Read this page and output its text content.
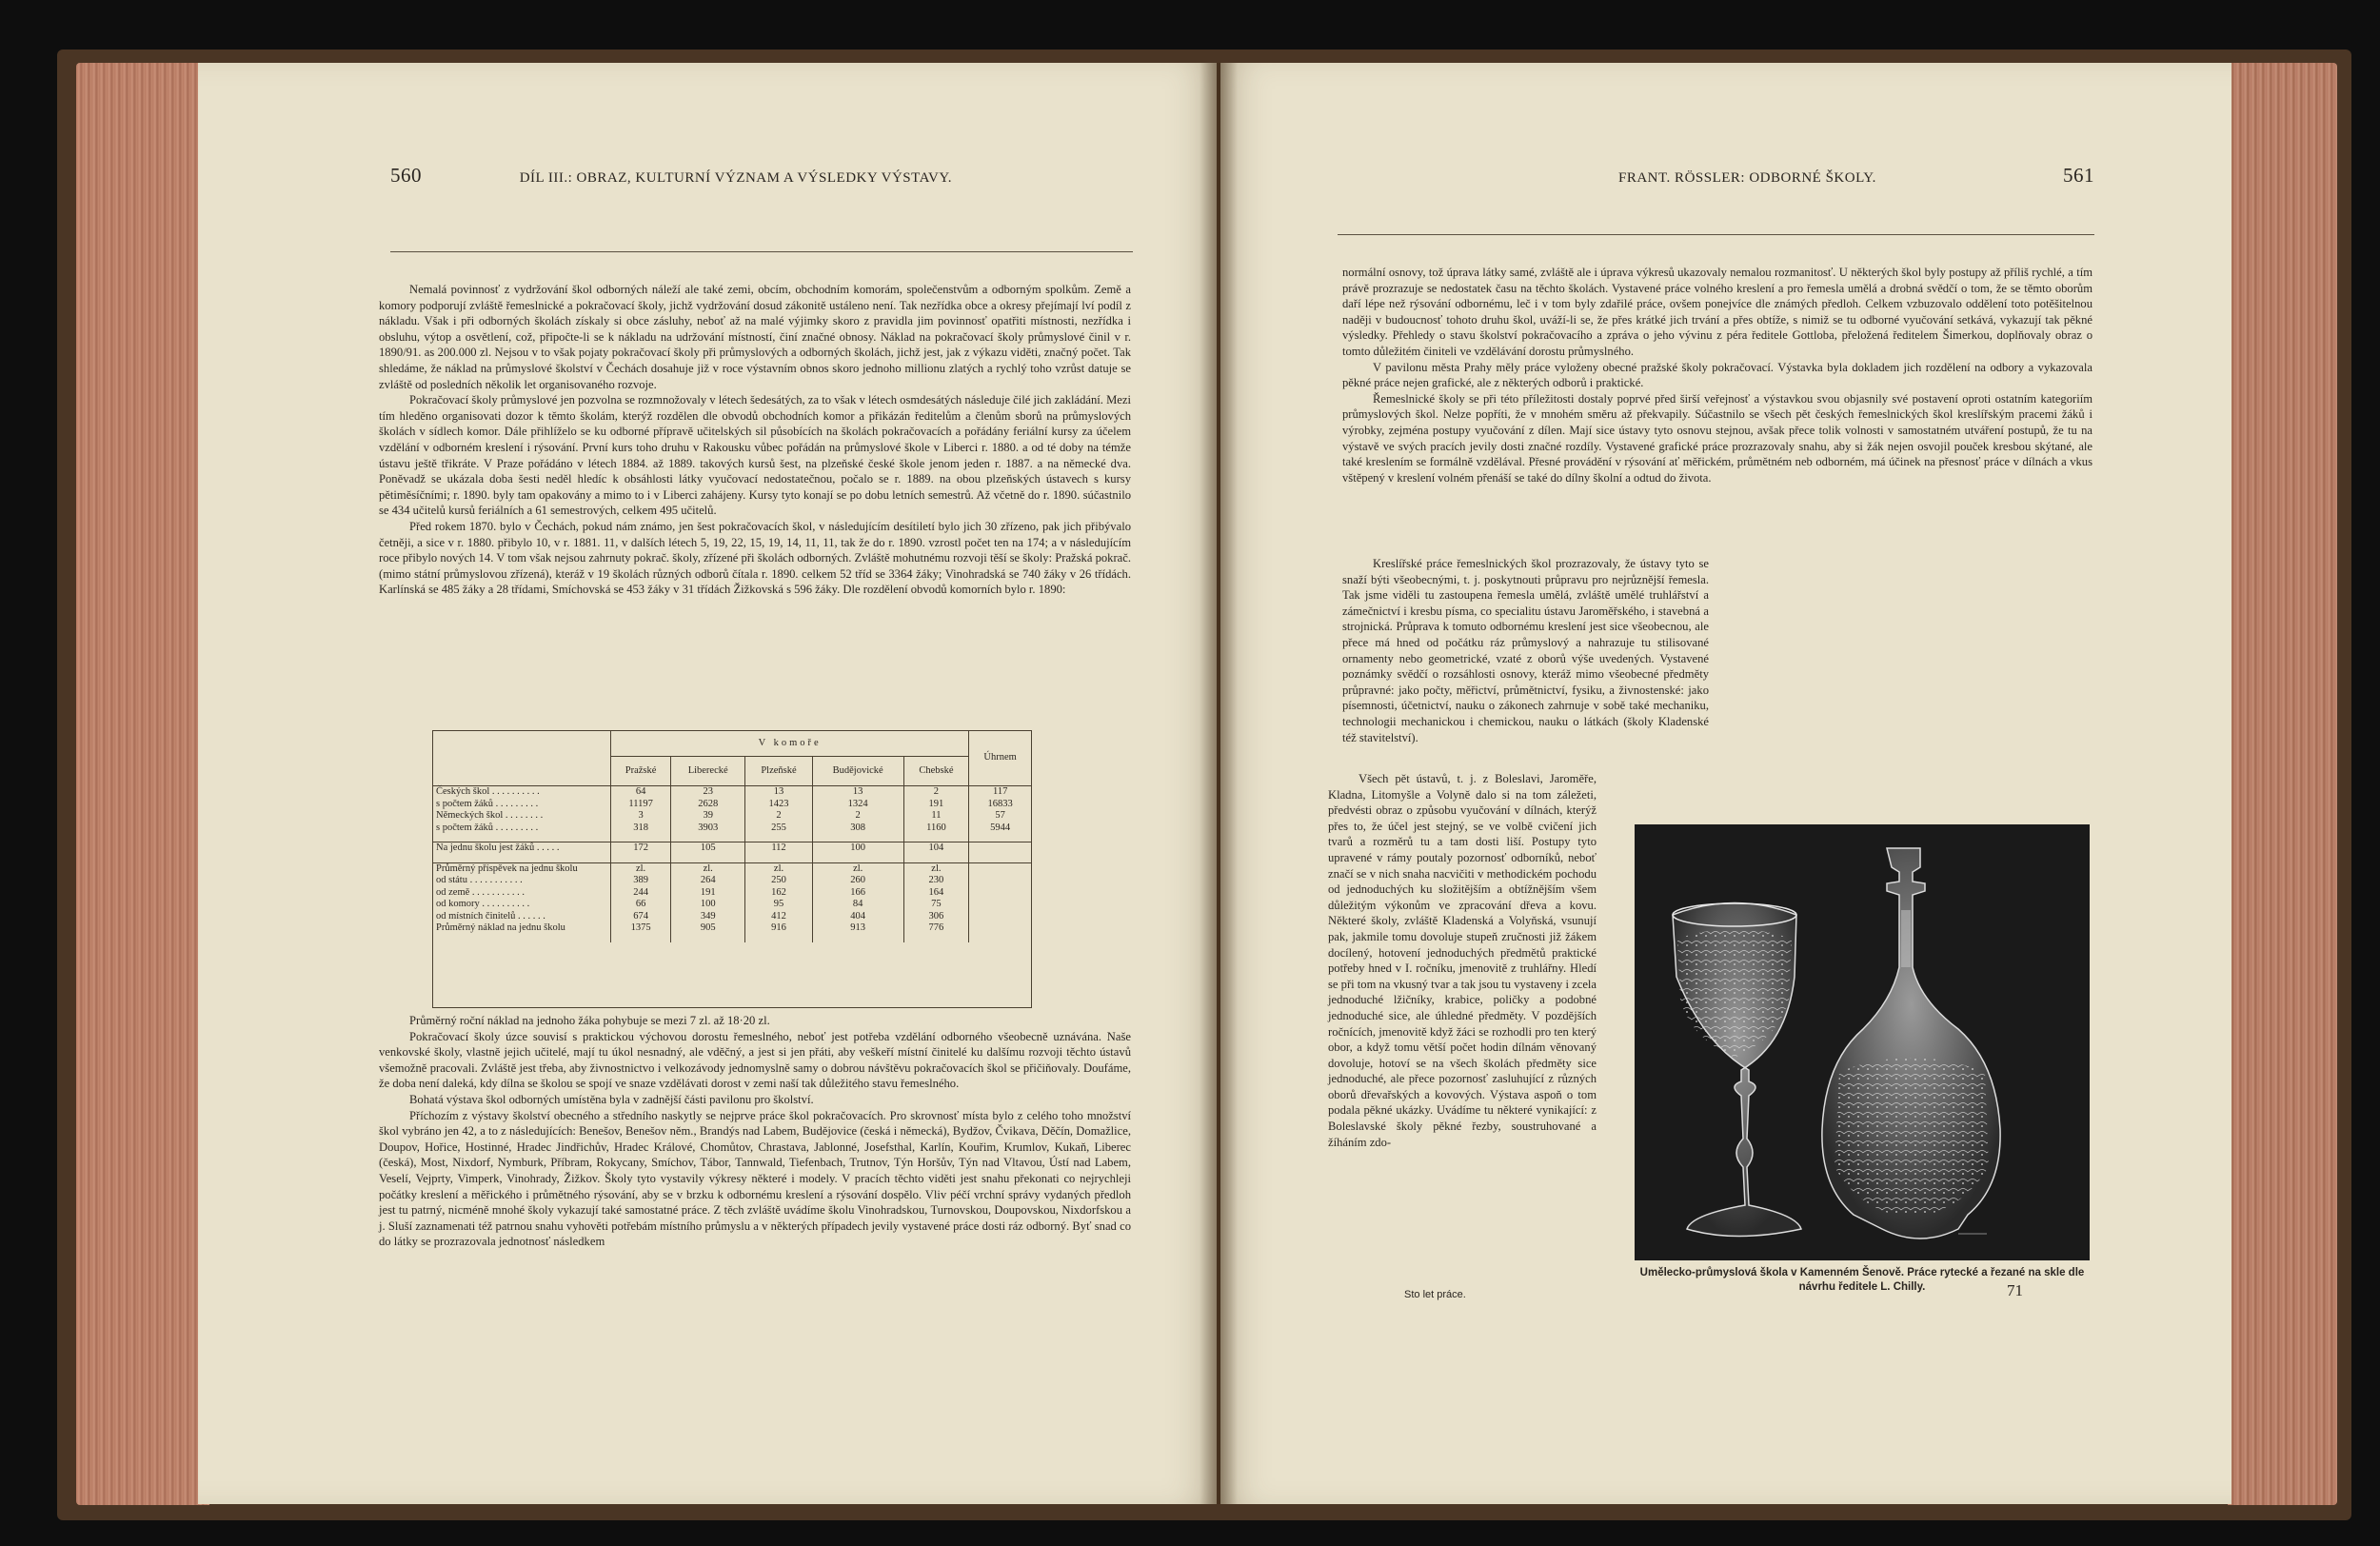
560	DÍL III.: OBRAZ, KULTURNÍ VÝZNAM A VÝSLEDKY VÝSTAVY.

Nemalá povinnosť z vydržování škol odborných náleží ale také zemi, obcím, obchodním komorám, společenstvům a odborným spolkům. Země a komory podporují zvláště řemeslnické a pokračovací školy, jichž vydržování dosud zákonitě ustáleno není. Tak nezřídka obce a okresy přejímají lví podíl z nákladu. Však i při odborných školách získaly si obce zásluhy, neboť až na malé výjimky skoro z pravidla jim povinnosť opatřiti místnosti, nezřídka i obsluhu, výtop a osvětlení, což, připočte-li se k nákladu na udržování místností, činí značné obnosy. Náklad na pokračovací školy průmyslové činil v r. 1890/91. as 200.000 zl. Nejsou v to však pojaty pokračovací školy při průmyslových a odborných školách, jichž jest, jak z výkazu viděti, značný počet. Tak shledáme, že náklad na průmyslové školství v Čechách dosahuje již v roce výstavním obnos skoro jednoho millionu zlatých a rychlý toho vzrůst datuje se zvláště od posledních několik let organisovaného rozvoje.

Pokračovací školy průmyslové jen pozvolna se rozmnožovaly v létech šedesátých, za to však v létech osmdesátých následuje čilé jich zakládání. Mezi tím hleděno organisovati dozor k těmto školám, kterýž rozdělen dle obvodů obchodních komor a přikázán ředitelům a členům sborů na průmyslových školách v sídlech komor. Dále přihlíželo se ku odborné přípravě učitelských sil působících na školách pokračovacích a pořádány feriální kursy za účelem vzdělání v odborném kreslení i rýsování. První kurs toho druhu v Rakousku vůbec pořádán na průmyslové škole v Liberci r. 1880. a od té doby na témže ústavu ještě třikráte. V Praze pořádáno v létech 1884. až 1889. takových kursů šest, na plzeňské české škole jenom jeden r. 1887. a na německé dva. Poněvadž se ukázala doba šesti neděl hledíc k obsáhlosti látky vyučovací nedostatečnou, počalo se r. 1889. na obou plzeňských ústavech s kursy pětiměsíčními; r. 1890. byly tam opakovány a mimo to i v Liberci zahájeny. Kursy tyto konají se po dobu letních semestrů. Až včetně do r. 1890. súčastnilo se 434 učitelů kursů feriálních a 61 semestrových, celkem 495 učitelů.

Před rokem 1870. bylo v Čechách, pokud nám známo, jen šest pokračovacích škol, v následujícím desítiletí bylo jich 30 zřízeno, pak jich přibývalo četněji, a sice v r. 1880. přibylo 10, v r. 1881. 11, v dalších létech 5, 19, 22, 15, 19, 14, 11, 11, tak že do r. 1890. vzrostl počet ten na 174; a v následujícím roce přibylo nových 14. V tom však nejsou zahrnuty pokrač. školy, zřízené při školách odborných. Zvláště mohutnému rozvoji těší se školy: Pražská pokrač. (mimo státní průmyslovou zřízená), kteráž v 19 školách různých odborů čítala r. 1890. celkem 52 tříd se 3364 žáky; Vinohradská se 740 žáky v 26 třídách. Karlínská se 485 žáky a 28 třídami, Smíchovská se 453 žáky v 31 třídách Žižkovská s 596 žáky. Dle rozdělení obvodů komorních bylo r. 1890:

	V komoře					Úhrnem
	Pražské	Liberecké	Plzeňské	Budějovické	Chebské	
Českých škol . . . . . . . . . .	64	23	13	13	2	117
s počtem žáků . . . . . . . . .	11197	2628	1423	1324	191	16833
Německých škol . . . . . . . .	3	39	2	2	11	57
s počtem žáků . . . . . . . . .	318	3903	255	308	1160	5944

Na jednu školu jest žáků . . . . .	172	105	112	100	104	

Průměrný příspěvek na jednu školu	zl.	zl.	zl.	zl.	zl.	
od státu . . . . . . . . . . .	389	264	250	260	230	
od země . . . . . . . . . . .	244	191	162	166	164	
od komory . . . . . . . . . .	66	100	95	84	75	
od místních činitelů . . . . . .	674	349	412	404	306	
Průměrný náklad na jednu školu	1375	905	916	913	776	

Průměrný roční náklad na jednoho žáka pohybuje se mezi 7 zl. až 18·20 zl.

Pokračovací školy úzce souvisí s praktickou výchovou dorostu řemeslného, neboť jest potřeba vzdělání odborného všeobecně uznávána. Naše venkovské školy, vlastně jejich učitelé, mají tu úkol nesnadný, ale vděčný, a jest si jen přáti, aby veškeří místní činitelé ku dalšímu rozvoji těchto ústavů všemožně pracovali. Zvláště jest třeba, aby živnostnictvo i velkozávody jednomyslně samy o dobrou návštěvu pokračovacích škol se přičiňovaly. Doufáme, že doba není daleká, kdy dílna se školou se spojí ve snaze vzdělávati dorost v zemi naší tak důležitého stavu řemeslného.

Bohatá výstava škol odborných umístěna byla v zadnější části pavilonu pro školství.

Příchozím z výstavy školství obecného a středního naskytly se nejprve práce škol pokračovacích. Pro skrovnosť místa bylo z celého toho množství škol vybráno jen 42, a to z následujících: Benešov, Benešov něm., Brandýs nad Labem, Budějovice (česká i německá), Bydžov, Čvikava, Děčín, Domažlice, Doupov, Hořice, Hostinné, Hradec Jindřichův, Hradec Králové, Chomůtov, Chrastava, Jablonné, Josefsthal, Karlín, Kouřim, Krumlov, Kukaň, Liberec (česká), Most, Nixdorf, Nymburk, Příbram, Rokycany, Smíchov, Tábor, Tannwald, Tiefenbach, Trutnov, Týn Horšův, Týn nad Vltavou, Ústí nad Labem, Veselí, Vejprty, Vimperk, Vinohrady, Žižkov. Školy tyto vystavily výkresy některé i modely. V pracích těchto viděti jest snahu překonati co nejrychleji počátky kreslení a měřického i průmětného rýsování, aby se v brzku k odbornému kreslení a rýsování dospělo. Vliv péčí vrchní správy vydaných předloh jest tu patrný, nicméně mnohé školy vykazují také samostatné práce. Z těch zvláště uvádíme školu Vinohradskou, Turnovskou, Doupovskou, Nixdorfskou a j. Sluší zaznamenati též patrnou snahu vyhověti potřebám místního průmyslu a v některých případech jevily vystavené práce dosti ráz odborný. Byť snad co do látky se prozrazovala jednotnosť následkem

FRANT. RÖSSLER: ODBORNÉ ŠKOLY.	561

normální osnovy, tož úprava látky samé, zvláště ale i úprava výkresů ukazovaly nemalou rozmanitosť. U některých škol byly postupy až příliš rychlé, a tím právě prozrazuje se nedostatek času na těchto školách. Vystavené práce volného kreslení a pro řemesla umělá a drobná svědčí o tom, že se těmto oborům daří lépe než rýsování odbornému, leč i v tom byly zdařilé práce, ovšem ponejvíce dle známých předloh. Celkem vzbuzovalo oddělení toto potěšitelnou naději v budoucnosť tohoto druhu škol, uváží-li se, že přes krátké jich trvání a přes obtíže, s nimiž se tu odborné vyučování setkává, vykazují tak pěkné výsledky. Přehledy o stavu školství pokračovacího a zpráva o jeho vývinu z péra ředitele Gottloba, přeložená ředitelem Šimerkou, doplňovaly obraz o tomto důležitém činiteli ve vzdělávání dorostu průmyslného.

V pavilonu města Prahy měly práce vyloženy obecné pražské školy pokračovací. Výstavka byla dokladem jich rozdělení na odbory a vykazovala pěkné práce nejen grafické, ale z některých odborů i praktické.

Řemeslnické školy se při této příležitosti dostaly poprvé před širší veřejnosť a výstavkou svou objasnily své postavení oproti ostatním kategoriím průmyslových škol. Nelze popříti, že v mnohém směru až překvapily. Súčastnilo se všech pět českých řemeslnických škol kreslířským pracemi žáků i výrobky, zejména postupy vyučování z dílen. Mají sice ústavy tyto osnovu stejnou, avšak přece tolik volnosti v samostatném utváření postupů, že tu na výstavě ve svých pracích jevily dosti značné rozdíly. Vystavené grafické práce prozrazovaly snahu, aby si žák nejen osvojil pouček kresbou skýtané, ale také kreslením se formálně vzdělával. Přesné provádění v rýsování ať měřickém, průmětném neb odborném, má účinek na přesnosť práce v dílnách a vkus vštěpený v kreslení volném přenáší se také do dílny školní a odtud do života.

Kreslířské práce řemeslnických škol prozrazovaly, že ústavy tyto se snaží býti všeobecnými, t. j. poskytnouti průpravu pro nejrůznější řemesla. Tak jsme viděli tu zastoupena řemesla umělá, zvláště umělé truhlářství a zámečnictví i kresbu písma, co specialitu ústavu Jaroměřského, i stavebná a strojnická. Průprava k tomuto odbornému kreslení jest sice všeobecnou, ale přece má hned od počátku ráz průmyslový a nahrazuje tu stilisované ornamenty nebo geometrické, vzaté z oborů výše uvedených. Vystavené poznámky svědčí o rozsáhlosti osnovy, kteráž mimo všeobecné předměty průpravné: jako počty, měřictví, průmětnictví, fysiku, a živnostenské: jako písemnosti, účetnictví, nauku o zákonech zahrnuje v sobě také mechaniku, technologii mechanickou i chemickou, nauku o látkách (školy Kladenské též stavitelství).

Všech pět ústavů, t. j. z Boleslavi, Jaroměře, Kladna, Litomyšle a Volyně dalo si na tom záležeti, předvésti obraz o způsobu vyučování v dílnách, kterýž přes to, že účel jest stejný, se ve volbě cvičení jich tvarů a rozměrů tu a tam dosti liší. Postupy tyto upravené v rámy poutaly pozornosť odborníků, neboť značí se v nich snaha nacvičiti v methodickém pochodu od jednoduchých ku složitějším a obtížnějším všem důležitým výkonům ve zpracování dřeva a kovu. Některé školy, zvláště Kladenská a Volyňská, vsunují pak, jakmile tomu dovoluje stupeň zručnosti již žákem docílený, hotovení jednoduchých předmětů praktické potřeby hned v I. ročníku, jmenovitě z truhlářny. Hledí se při tom na vkusný tvar a tak jsou tu vystaveny i zcela jednoduché lžičníky, krabice, poličky a podobné jednoduché sice, ale úhledné předměty. V pozdějších ročnících, jmenovitě když žáci se rozhodli pro ten který obor, a když tomu větší počet hodin dílnám věnovaný dovoluje, hotoví se na všech školách předměty sice jednoduché, ale přece pozornosť zasluhující z různých oborů dřevařských a kovových. Výstava aspoň o tom podala pěkné ukázky. Uvádíme tu některé vynikající: z Boleslavské školy pěkné řezby, soustruhované a žíháním zdo-

Umělecko-průmyslová škola v Kamenném Šenově. Práce rytecké a řezané na skle dle návrhu ředitele L. Chilly.
Sto let práce.	71
